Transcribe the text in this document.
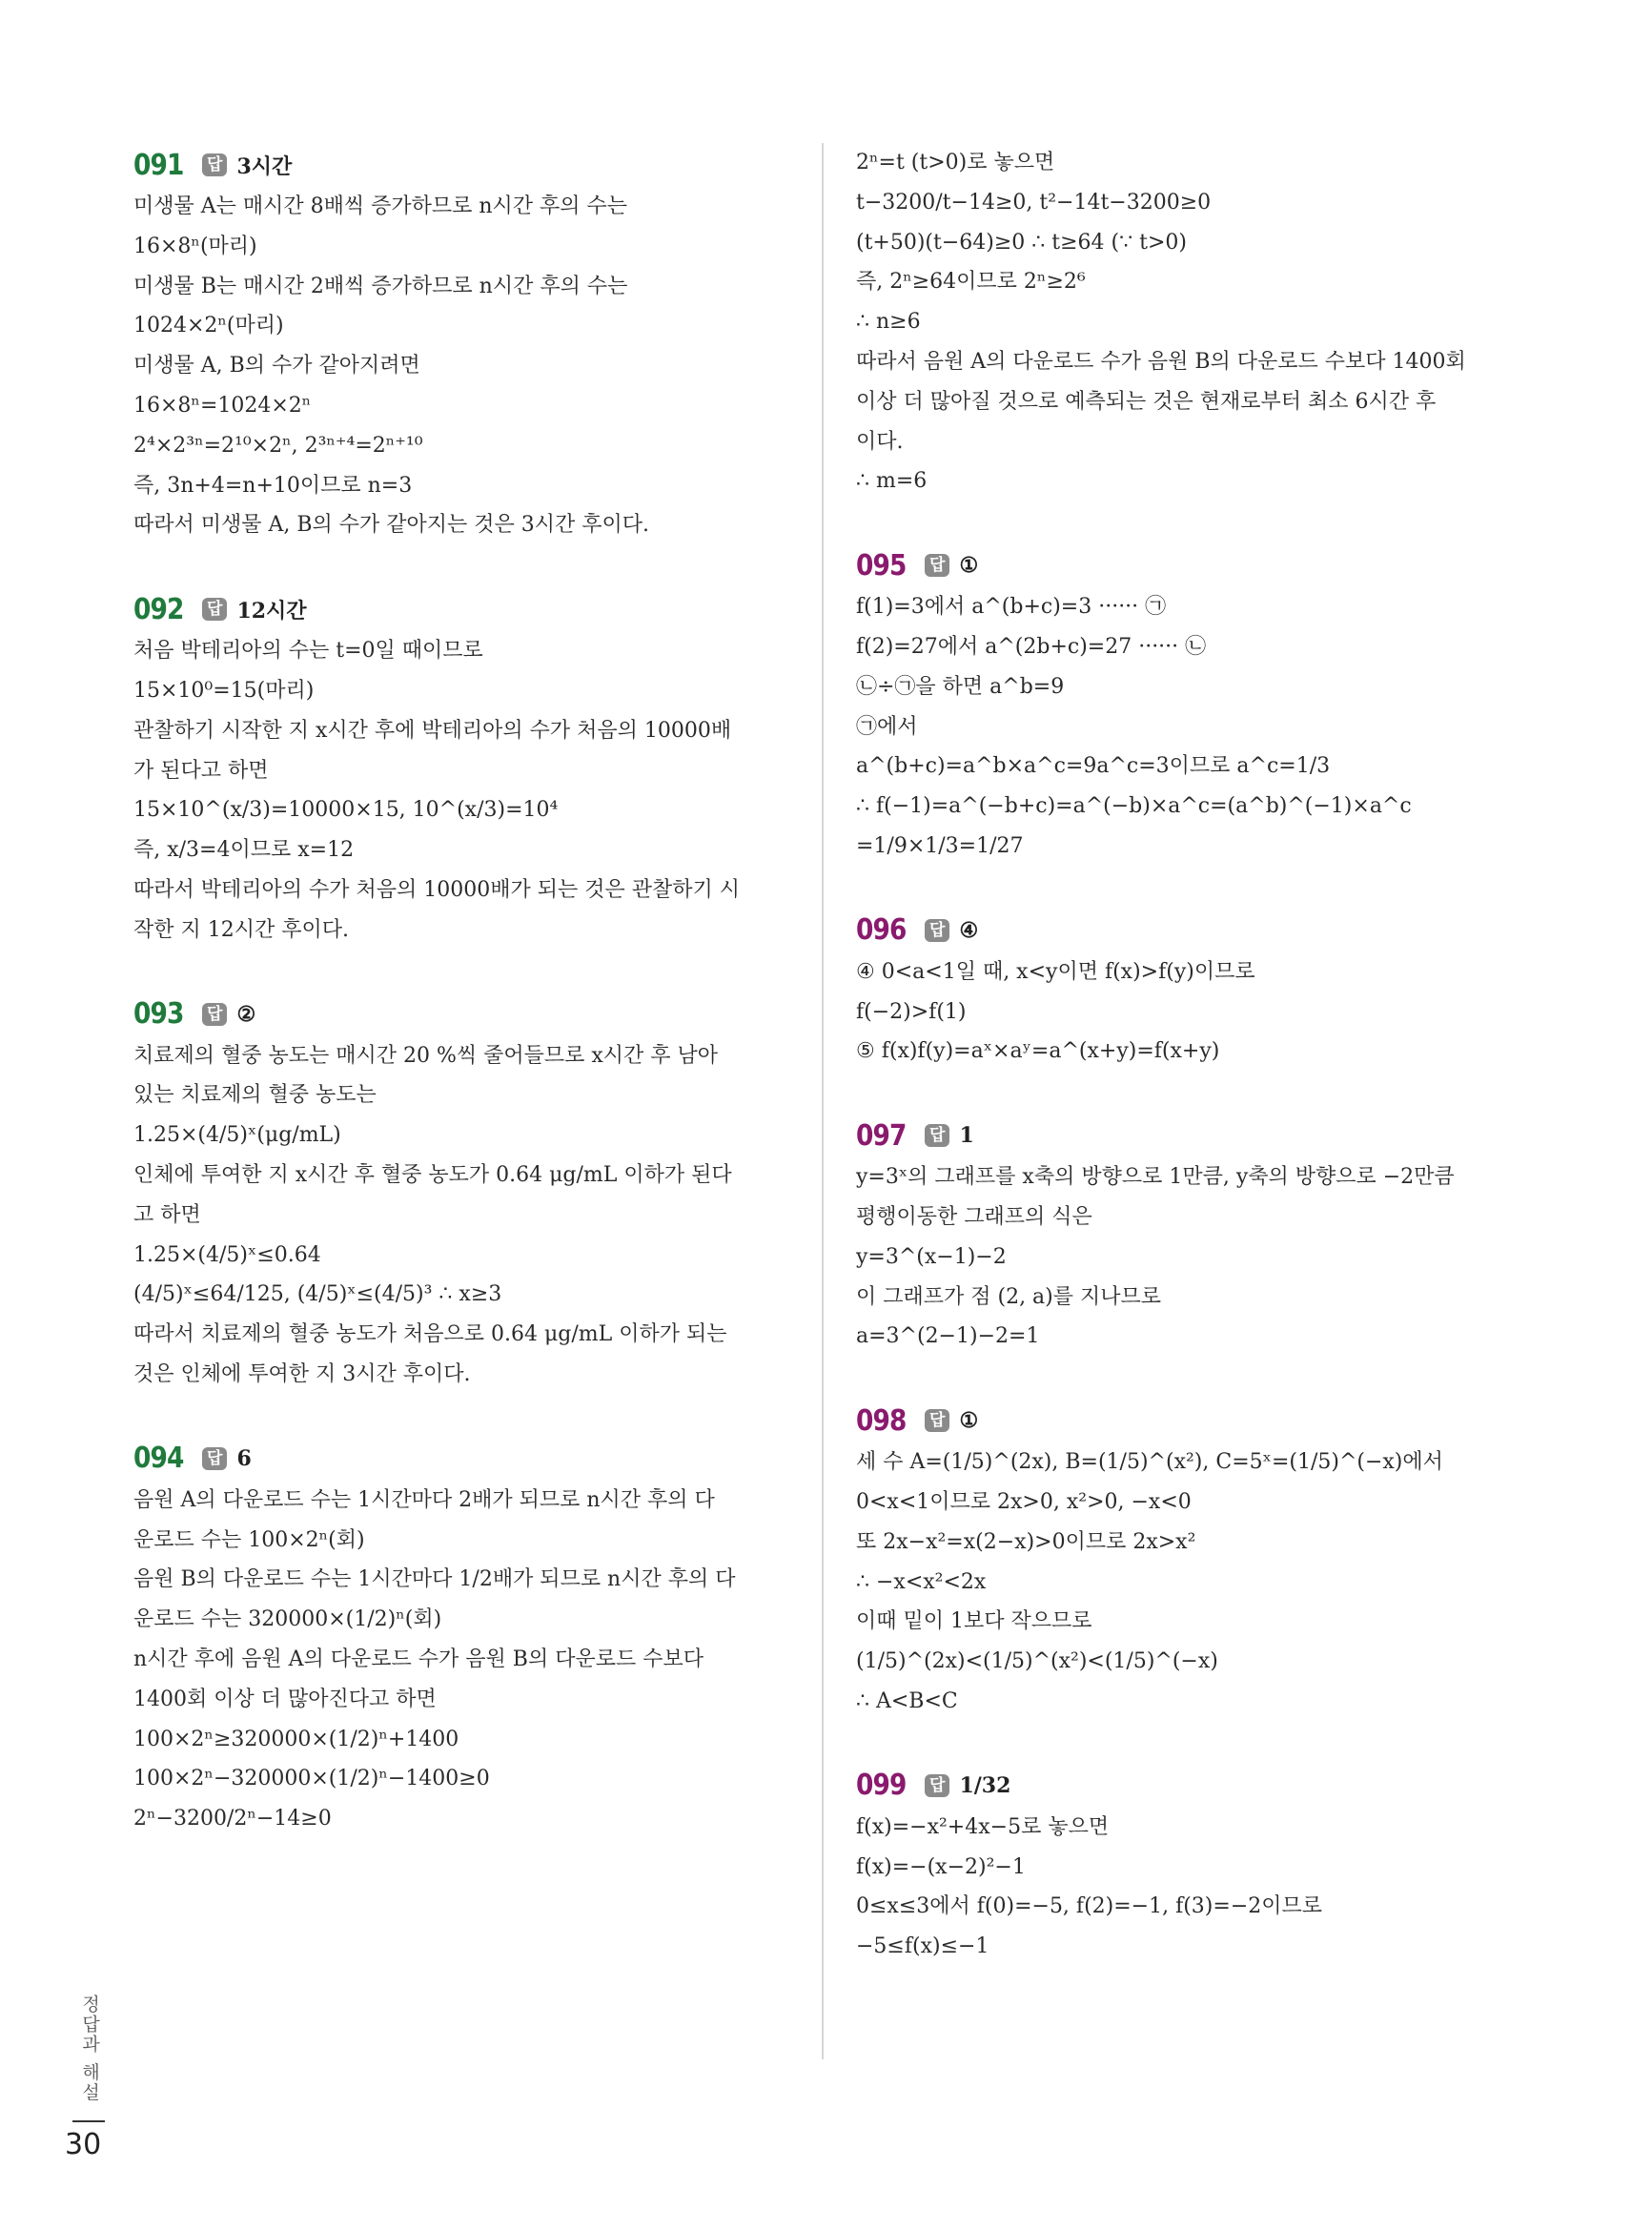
091	답 3시간
미생물 A는 매시간 8배씩 증가하므로 n시간 후의 수는
16×8ⁿ(마리)
미생물 B는 매시간 2배씩 증가하므로 n시간 후의 수는
1024×2ⁿ(마리)
미생물 A, B의 수가 같아지려면
16×8ⁿ=1024×2ⁿ
2⁴×2³ⁿ=2¹⁰×2ⁿ, 2³ⁿ⁺⁴=2ⁿ⁺¹⁰
즉, 3n+4=n+10이므로 n=3
따라서 미생물 A, B의 수가 같아지는 것은 3시간 후이다.
092	답 12시간
처음 박테리아의 수는 t=0일 때이므로
15×10⁰=15(마리)
관찰하기 시작한 지 x시간 후에 박테리아의 수가 처음의 10000배
가 된다고 하면
15×10^(x/3)=10000×15, 10^(x/3)=10⁴
즉, x/3=4이므로 x=12
따라서 박테리아의 수가 처음의 10000배가 되는 것은 관찰하기 시
작한 지 12시간 후이다.
093	답 ②
치료제의 혈중 농도는 매시간 20 %씩 줄어들므로 x시간 후 남아
있는 치료제의 혈중 농도는
1.25×(4/5)ˣ(μg/mL)
인체에 투여한 지 x시간 후 혈중 농도가 0.64 μg/mL 이하가 된다
고 하면
1.25×(4/5)ˣ≤0.64
(4/5)ˣ≤64/125, (4/5)ˣ≤(4/5)³ ∴ x≥3
따라서 치료제의 혈중 농도가 처음으로 0.64 μg/mL 이하가 되는
것은 인체에 투여한 지 3시간 후이다.
094	답 6
음원 A의 다운로드 수는 1시간마다 2배가 되므로 n시간 후의 다
운로드 수는 100×2ⁿ(회)
음원 B의 다운로드 수는 1시간마다 1/2배가 되므로 n시간 후의 다
운로드 수는 320000×(1/2)ⁿ(회)
n시간 후에 음원 A의 다운로드 수가 음원 B의 다운로드 수보다
1400회 이상 더 많아진다고 하면
100×2ⁿ≥320000×(1/2)ⁿ+1400
100×2ⁿ−320000×(1/2)ⁿ−1400≥0
2ⁿ−3200/2ⁿ−14≥0
2ⁿ=t (t>0)로 놓으면
t−3200/t−14≥0, t²−14t−3200≥0
(t+50)(t−64)≥0 ∴ t≥64 (∵ t>0)
즉, 2ⁿ≥64이므로 2ⁿ≥2⁶
∴ n≥6
따라서 음원 A의 다운로드 수가 음원 B의 다운로드 수보다 1400회
이상 더 많아질 것으로 예측되는 것은 현재로부터 최소 6시간 후
이다.
∴ m=6
095	답 ①
f(1)=3에서 a^(b+c)=3 ······ ㉠
f(2)=27에서 a^(2b+c)=27 ······ ㉡
㉡÷㉠을 하면 a^b=9
㉠에서
a^(b+c)=a^b×a^c=9a^c=3이므로 a^c=1/3
∴ f(−1)=a^(−b+c)=a^(−b)×a^c=(a^b)^(−1)×a^c
=1/9×1/3=1/27
096	답 ④
④ 0<a<1일 때, x<y이면 f(x)>f(y)이므로
f(−2)>f(1)
⑤ f(x)f(y)=aˣ×aʸ=a^(x+y)=f(x+y)
097	답 1
y=3ˣ의 그래프를 x축의 방향으로 1만큼, y축의 방향으로 −2만큼
평행이동한 그래프의 식은
y=3^(x−1)−2
이 그래프가 점 (2, a)를 지나므로
a=3^(2−1)−2=1
098	답 ①
세 수 A=(1/5)^(2x), B=(1/5)^(x²), C=5ˣ=(1/5)^(−x)에서
0<x<1이므로 2x>0, x²>0, −x<0
또 2x−x²=x(2−x)>0이므로 2x>x²
∴ −x<x²<2x
이때 밑이 1보다 작으므로
(1/5)^(2x)<(1/5)^(x²)<(1/5)^(−x)
∴ A<B<C
099	답 1/32
f(x)=−x²+4x−5로 놓으면
f(x)=−(x−2)²−1
0≤x≤3에서 f(0)=−5, f(2)=−1, f(3)=−2이므로
−5≤f(x)≤−1
정답과 해설
30
